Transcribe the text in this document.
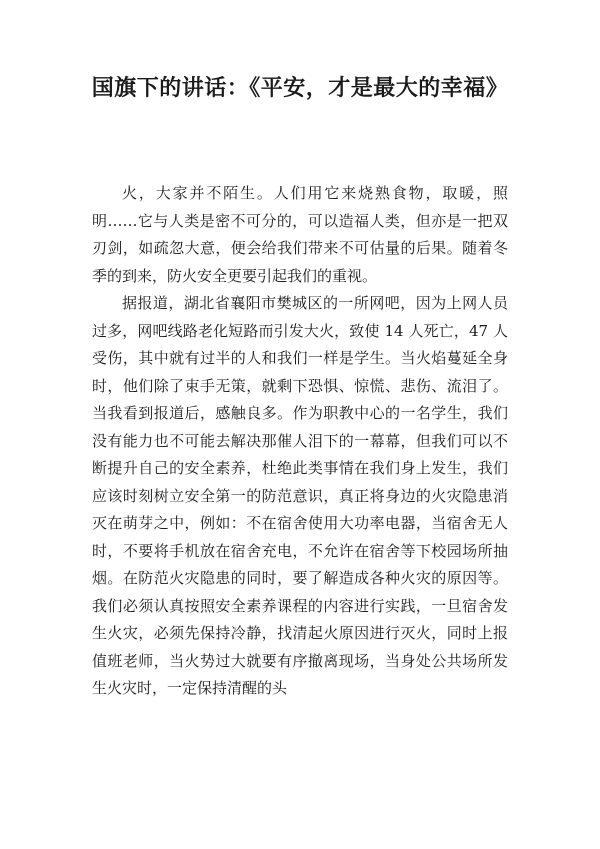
国旗下的讲话：《平安，才是最大的幸福》

火，大家并不陌生。人们用它来烧熟食物，取暖，照明……它与人类是密不可分的，可以造福人类，但亦是一把双刃剑，如疏忽大意，便会给我们带来不可估量的后果。随着冬季的到来，防火安全更要引起我们的重视。

据报道，湖北省襄阳市樊城区的一所网吧，因为上网人员过多，网吧线路老化短路而引发大火，致使 14 人死亡，47 人受伤，其中就有过半的人和我们一样是学生。当火焰蔓延全身时，他们除了束手无策，就剩下恐惧、惊慌、悲伤、流泪了。当我看到报道后，感触良多。作为职教中心的一名学生，我们没有能力也不可能去解决那催人泪下的一幕幕，但我们可以不断提升自己的安全素养，杜绝此类事情在我们身上发生，我们应该时刻树立安全第一的防范意识，真正将身边的火灾隐患消灭在萌芽之中，例如：不在宿舍使用大功率电器，当宿舍无人时，不要将手机放在宿舍充电，不允许在宿舍等下校园场所抽烟。在防范火灾隐患的同时，要了解造成各种火灾的原因等。我们必须认真按照安全素养课程的内容进行实践，一旦宿舍发生火灾，必须先保持冷静，找清起火原因进行灭火，同时上报值班老师，当火势过大就要有序撤离现场，当身处公共场所发生火灾时，一定保持清醒的头
